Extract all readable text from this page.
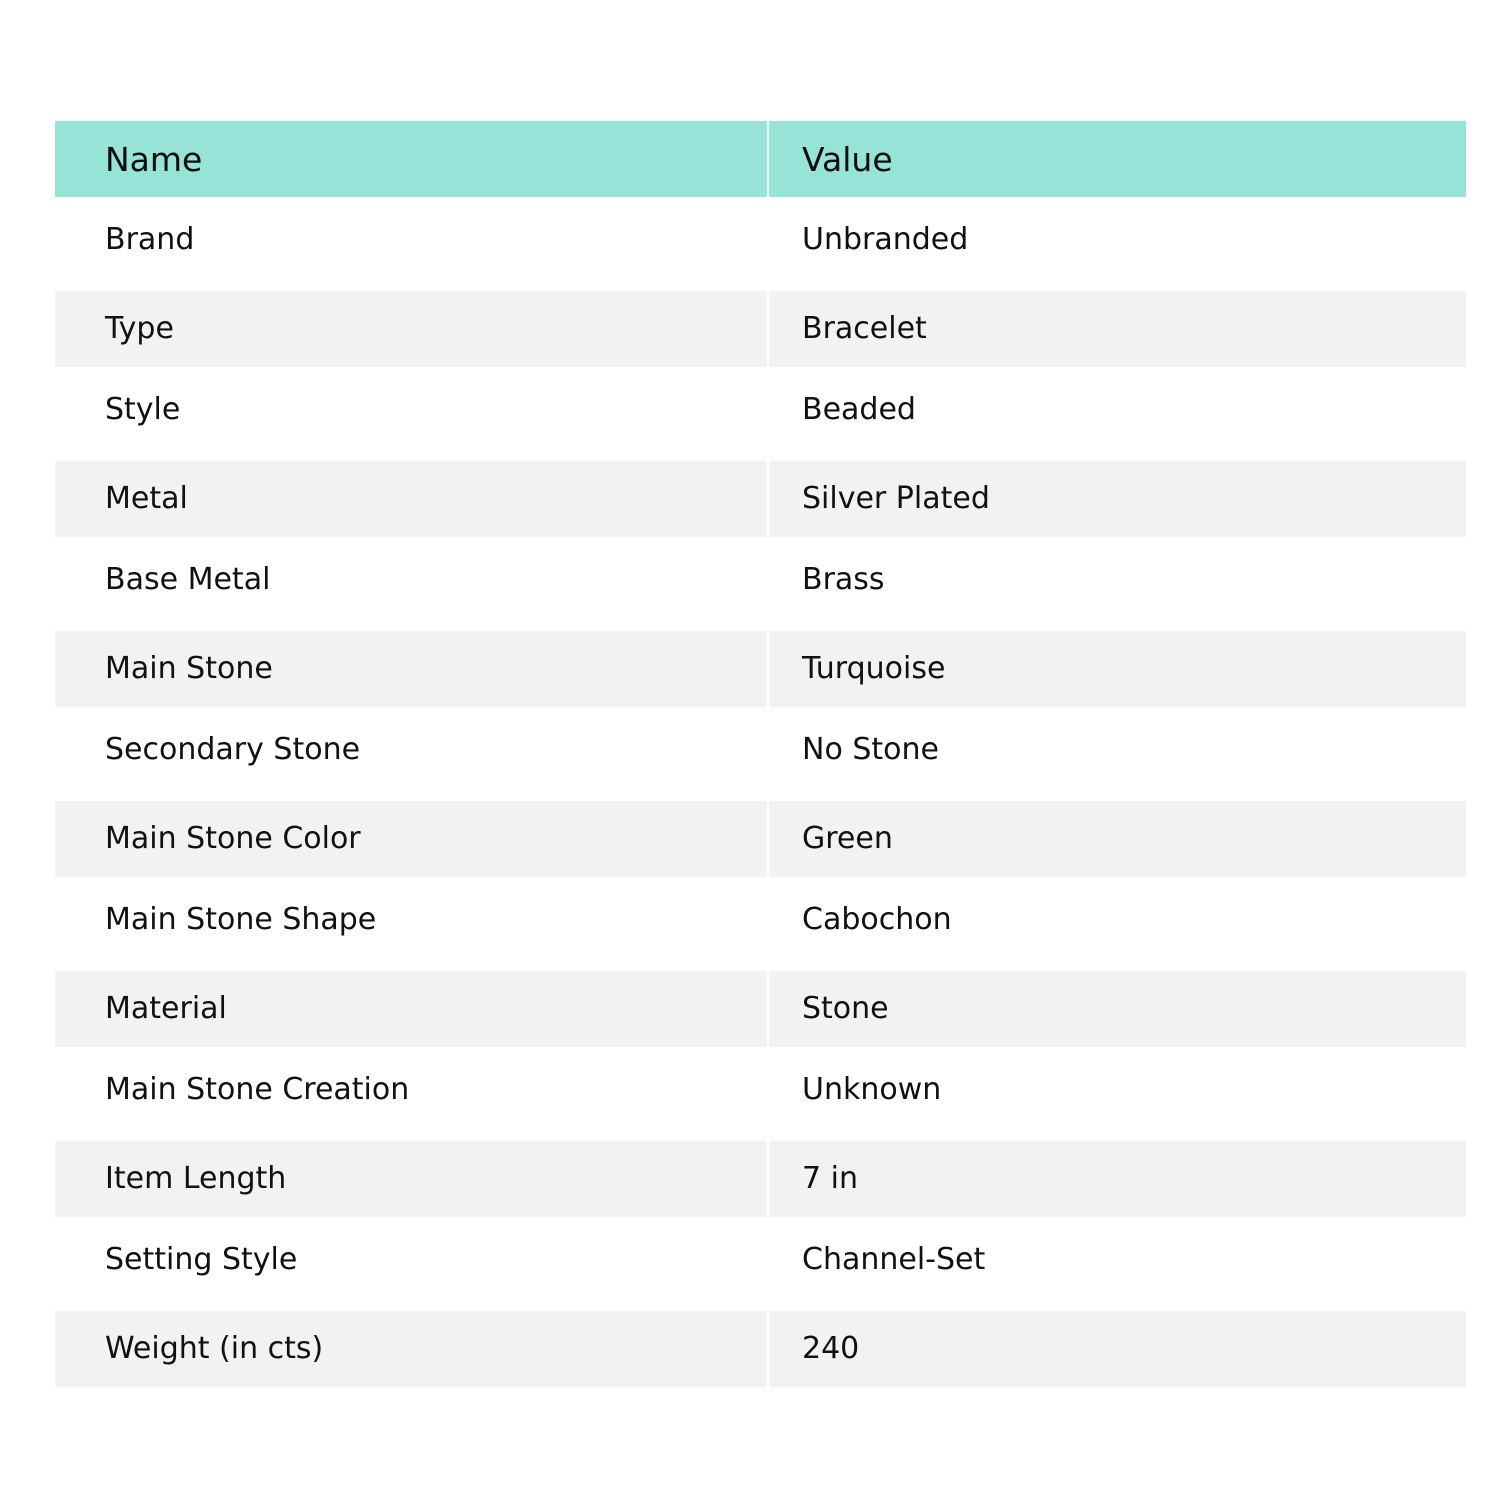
Name	Value
Brand	Unbranded
Type	Bracelet
Style	Beaded
Metal	Silver Plated
Base Metal	Brass
Main Stone	Turquoise
Secondary Stone	No Stone
Main Stone Color	Green
Main Stone Shape	Cabochon
Material	Stone
Main Stone Creation	Unknown
Item Length	7 in
Setting Style	Channel-Set
Weight (in cts)	240
